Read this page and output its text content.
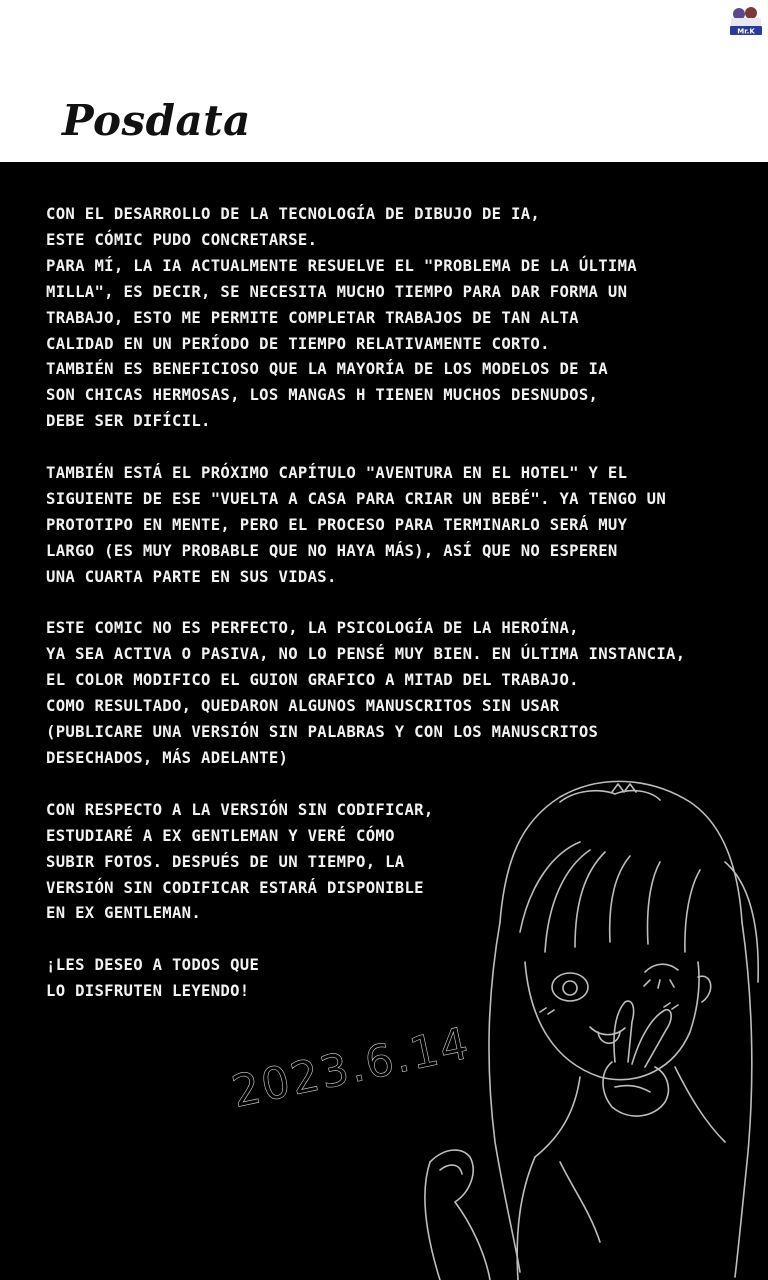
Mr.K
Posdata

CON EL DESARROLLO DE LA TECNOLOGÍA DE DIBUJO DE IA,
ESTE CÓMIC PUDO CONCRETARSE.
PARA MÍ, LA IA ACTUALMENTE RESUELVE EL "PROBLEMA DE LA ÚLTIMA
MILLA", ES DECIR, SE NECESITA MUCHO TIEMPO PARA DAR FORMA UN
TRABAJO, ESTO ME PERMITE COMPLETAR TRABAJOS DE TAN ALTA
CALIDAD EN UN PERÍODO DE TIEMPO RELATIVAMENTE CORTO.
TAMBIÉN ES BENEFICIOSO QUE LA MAYORÍA DE LOS MODELOS DE IA
SON CHICAS HERMOSAS, LOS MANGAS H TIENEN MUCHOS DESNUDOS,
DEBE SER DIFÍCIL.

TAMBIÉN ESTÁ EL PRÓXIMO CAPÍTULO "AVENTURA EN EL HOTEL" Y EL
SIGUIENTE DE ESE "VUELTA A CASA PARA CRIAR UN BEBÉ". YA TENGO UN
PROTOTIPO EN MENTE, PERO EL PROCESO PARA TERMINARLO SERÁ MUY
LARGO (ES MUY PROBABLE QUE NO HAYA MÁS), ASÍ QUE NO ESPEREN
UNA CUARTA PARTE EN SUS VIDAS.

ESTE COMIC NO ES PERFECTO, LA PSICOLOGÍA DE LA HEROÍNA,
YA SEA ACTIVA O PASIVA, NO LO PENSÉ MUY BIEN. EN ÚLTIMA INSTANCIA,
EL COLOR MODIFICO EL GUION GRAFICO A MITAD DEL TRABAJO.
COMO RESULTADO, QUEDARON ALGUNOS MANUSCRITOS SIN USAR
(PUBLICARE UNA VERSIÓN SIN PALABRAS Y CON LOS MANUSCRITOS
DESECHADOS, MÁS ADELANTE)

CON RESPECTO A LA VERSIÓN SIN CODIFICAR,
ESTUDIARÉ A EX GENTLEMAN Y VERÉ CÓMO
SUBIR FOTOS. DESPUÉS DE UN TIEMPO, LA
VERSIÓN SIN CODIFICAR ESTARÁ DISPONIBLE
EN EX GENTLEMAN.

¡LES DESEO A TODOS QUE
LO DISFRUTEN LEYENDO!

2023.6.14
